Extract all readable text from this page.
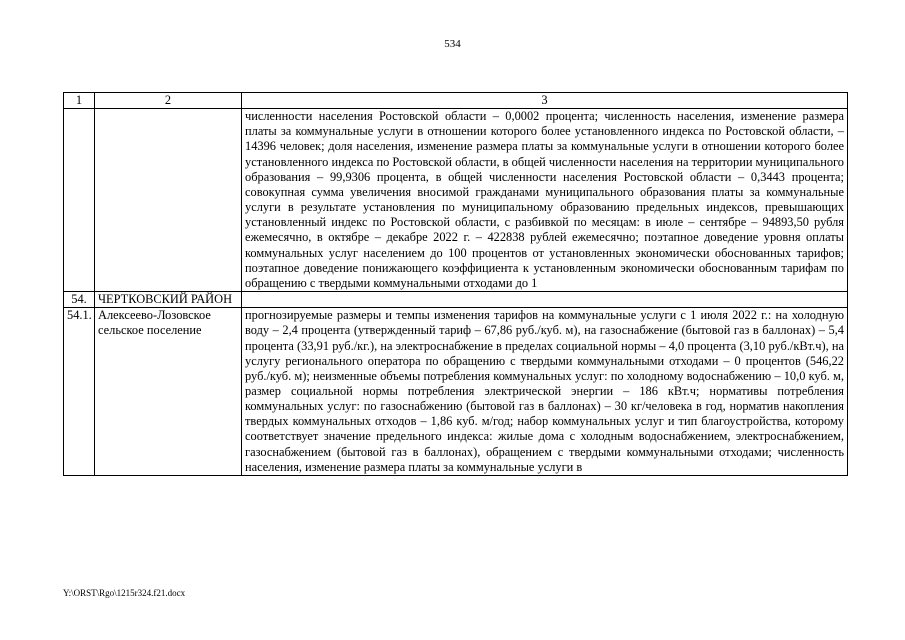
534
1	2	3

		численности населения Ростовской области – 0,0002 процента; численность населения, изменение размера платы за коммунальные услуги в отношении которого более установленного индекса по Ростовской области, – 14396 человек; доля населения, изменение размера платы за коммунальные услуги в отношении которого более установленного индекса по Ростовской области, в общей численности населения на территории муниципального образования – 99,9306 процента, в общей численности населения Ростовской области – 0,3443 процента; совокупная сумма увеличения вносимой гражданами муниципального образования платы за коммунальные услуги в результате установления по муниципальному образованию предельных индексов, превышающих установленный индекс по Ростовской области, с разбивкой по месяцам: в июле – сентябре – 94893,50 рубля ежемесячно, в октябре – декабре 2022 г. – 422838 рублей ежемесячно; поэтапное доведение уровня оплаты коммунальных услуг населением до 100 процентов от установленных экономически обоснованных тарифов; поэтапное доведение понижающего коэффициента к установленным экономически обоснованным тарифам по обращению с твердыми коммунальными отходами до 1

54.	ЧЕРТКОВСКИЙ РАЙОН	

54.1.	Алексеево-Лозовское сельское поселение	прогнозируемые размеры и темпы изменения тарифов на коммунальные услуги с 1 июля 2022 г.: на холодную воду – 2,4 процента (утвержденный тариф – 67,86 руб./куб. м), на газоснабжение (бытовой газ в баллонах) – 5,4 процента (33,91 руб./кг.), на электроснабжение в пределах социальной нормы – 4,0 процента (3,10 руб./кВт.ч), на услугу регионального оператора по обращению с твердыми коммунальными отходами – 0 процентов (546,22 руб./куб. м); неизменные объемы потребления коммунальных услуг: по холодному водоснабжению – 10,0 куб. м, размер социальной нормы потребления электрической энергии – 186 кВт.ч; нормативы потребления коммунальных услуг: по газоснабжению (бытовой газ в баллонах) – 30 кг/человека в год, норматив накопления твердых коммунальных отходов – 1,86 куб. м/год; набор коммунальных услуг и тип благоустройства, которому соответствует значение предельного индекса: жилые дома с холодным водоснабжением, электроснабжением, газоснабжением (бытовой газ в баллонах), обращением с твердыми коммунальными отходами; численность населения, изменение размера платы за коммунальные услуги в

Y:\ORST\Rgo\1215r324.f21.docx
